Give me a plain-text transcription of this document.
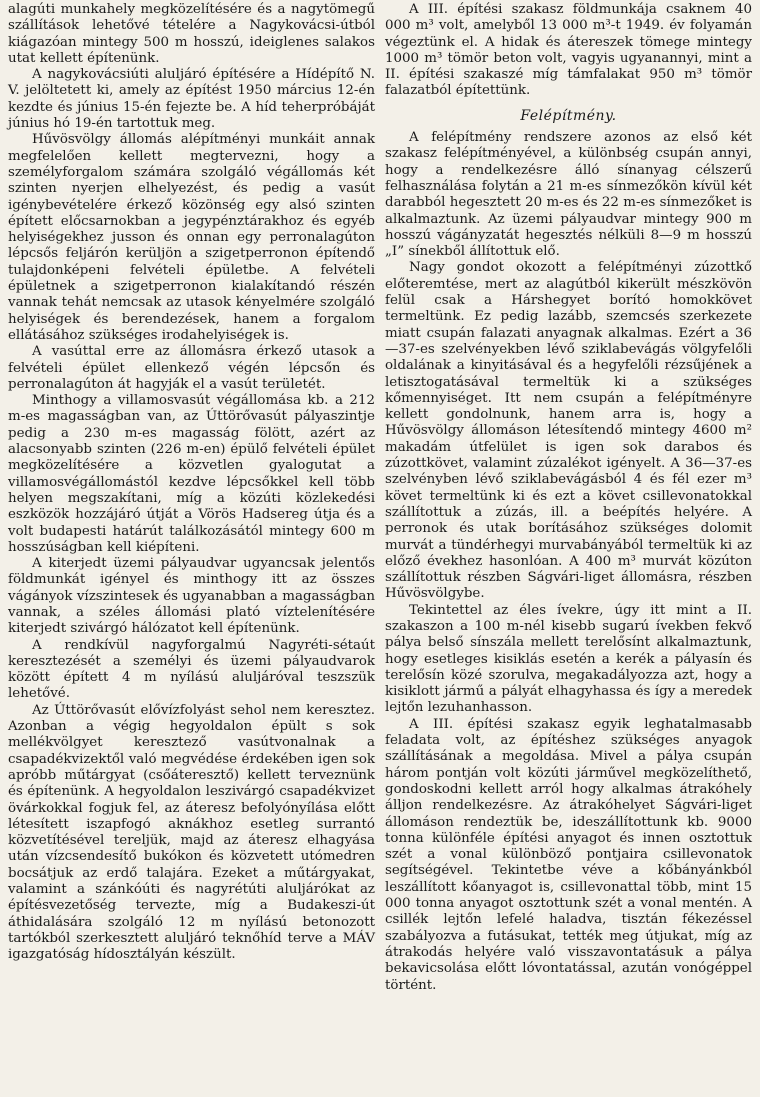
alagúti munkahely megközelítésére és a nagytömegű szállítások lehetővé tételére a Nagykovácsi-útból kiágazóan mintegy 500 m hosszú, ideiglenes salakos utat kellett építenünk.

A nagykovácsiúti aluljáró építésére a Hídépítő N. V. jelöltetett ki, amely az építést 1950 március 12-én kezdte és június 15-én fejezte be. A híd teherpróbáját június hó 19-én tartottuk meg.

Hűvösvölgy állomás alépítményi munkáit annak megfelelően kellett megtervezni, hogy a személyforgalom számára szolgáló végállomás két szinten nyerjen elhelyezést, és pedig a vasút igénybevételére érkező közönség egy alsó szinten épített előcsarnokban a jegypénztárakhoz és egyéb helyiségekhez jusson és onnan egy perronalagúton lépcsős feljárón kerüljön a szigetperronon építendő tulajdonképeni felvételi épületbe. A felvételi épületnek a szigetperronon kialakítandó részén vannak tehát nemcsak az utasok kényelmére szolgáló helyiségek és berendezések, hanem a forgalom ellátásához szükséges irodahelyiségek is.

A vasúttal erre az állomásra érkező utasok a felvételi épület ellenkező végén lépcsőn és perronalagúton át hagyják el a vasút területét.

Minthogy a villamosvasút végállomása kb. a 212 m-es magasságban van, az Úttörővasút pályaszintje pedig a 230 m-es magasság fölött, azért az alacsonyabb szinten (226 m-en) épülő felvételi épület megközelítésére a közvetlen gyalogutat a villamosvégállomástól kezdve lépcsőkkel kell több helyen megszakítani, míg a közúti közlekedési eszközök hozzájáró útját a Vörös Hadsereg útja és a volt budapesti határút találkozásától mintegy 600 m hosszúságban kell kiépíteni.

A kiterjedt üzemi pályaudvar ugyancsak jelentős földmunkát igényel és minthogy itt az összes vágányok vízszintesek és ugyanabban a magasságban vannak, a széles állomási plató víztelenítésére kiterjedt szivárgó hálózatot kell építenünk.

A rendkívül nagyforgalmú Nagyréti-sétaút keresztezését a személyi és üzemi pályaudvarok között épített 4 m nyílású aluljáróval teszszük lehetővé.

Az Úttörővasút elővízfolyást sehol nem keresztez. Azonban a végig hegyoldalon épült s sok mellékvölgyet keresztező vasútvonalnak a csapadékvizektől való megvédése érdekében igen sok apróbb műtárgyat (csőáteresztő) kellett terveznünk és építenünk. A hegyoldalon leszivárgó csapadékvizet övárkokkal fogjuk fel, az áteresz befolyónyílása előtt létesített iszapfogó aknákhoz esetleg surrantó közvetítésével tereljük, majd az áteresz elhagyása után vízcsendesítő bukókon és közvetett utómedren bocsátjuk az erdő talajára. Ezeket a műtárgyakat, valamint a szánkóúti és nagyrétúti aluljárókat az építésvezetőség tervezte, míg a Budakeszi-út áthidalására szolgáló 12 m nyílású betonozott tartókból szerkesztett aluljáró teknőhíd terve a MÁV igazgatóság hídosztályán készült.

A III. építési szakasz földmunkája csaknem 40 000 m³ volt, amelyből 13 000 m³-t 1949. év folyamán végeztünk el. A hidak és átereszek tömege mintegy 1000 m³ tömör beton volt, vagyis ugyanannyi, mint a II. építési szakaszé míg támfalakat 950 m³ tömör falazatból építettünk.

Felépítmény.

A felépítmény rendszere azonos az első két szakasz felépítményével, a különbség csupán annyi, hogy a rendelkezésre álló sínanyag célszerű felhasználása folytán a 21 m-es sínmezőkön kívül két darabból hegesztett 20 m-es és 22 m-es sínmezőket is alkalmaztunk. Az üzemi pályaudvar mintegy 900 m hosszú vágányzatát hegesztés nélküli 8—9 m hosszú „I” sínekből állítottuk elő.

Nagy gondot okozott a felépítményi zúzottkő előteremtése, mert az alagútból kikerült mészkövön felül csak a Hárshegyet borító homokkövet termeltünk. Ez pedig lazább, szemcsés szerkezete miatt csupán falazati anyagnak alkalmas. Ezért a 36—37-es szelvényekben lévő sziklabevágás völgyfelőli oldalának a kinyitásával és a hegyfelőli rézsűjének a letisztogatásával termeltük ki a szükséges kőmennyiséget. Itt nem csupán a felépítményre kellett gondolnunk, hanem arra is, hogy a Hűvösvölgy állomáson létesítendő mintegy 4600 m² makadám útfelület is igen sok darabos és zúzottkövet, valamint zúzalékot igényelt. A 36—37-es szelvényben lévő sziklabevágásból 4 és fél ezer m³ követ termeltünk ki és ezt a követ csillevonatokkal szállítottuk a zúzás, ill. a beépítés helyére. A perronok és utak borításához szükséges dolomit murvát a tündérhegyi murvabányából termeltük ki az előző évekhez hasonlóan. A 400 m³ murvát közúton szállítottuk részben Ságvári-liget állomásra, részben Hűvösvölgybe.

Tekintettel az éles ívekre, úgy itt mint a II. szakaszon a 100 m-nél kisebb sugarú ívekben fekvő pálya belső sínszála mellett terelősínt alkalmaztunk, hogy esetleges kisiklás esetén a kerék a pályasín és terelősín közé szorulva, megakadályozza azt, hogy a kisiklott jármű a pályát elhagyhassa és így a meredek lejtőn lezuhanhasson.

A III. építési szakasz egyik leghatalmasabb feladata volt, az építéshez szükséges anyagok szállításának a megoldása. Mivel a pálya csupán három pontján volt közúti járművel megközelíthető, gondoskodni kellett arról hogy alkalmas átrakóhely álljon rendelkezésre. Az átrakóhelyet Ságvári-liget állomáson rendeztük be, ideszállítottunk kb. 9000 tonna különféle építési anyagot és innen osztottuk szét a vonal különböző pontjaira csillevonatok segítségével. Tekintetbe véve a kőbányánkból leszállított kőanyagot is, csillevonattal több, mint 15 000 tonna anyagot osztottunk szét a vonal mentén. A csillék lejtőn lefelé haladva, tisztán fékezéssel szabályozva a futásukat, tették meg útjukat, míg az átrakodás helyére való visszavontatásuk a pálya bekavicsolása előtt lóvontatással, azután vonógéppel történt.
